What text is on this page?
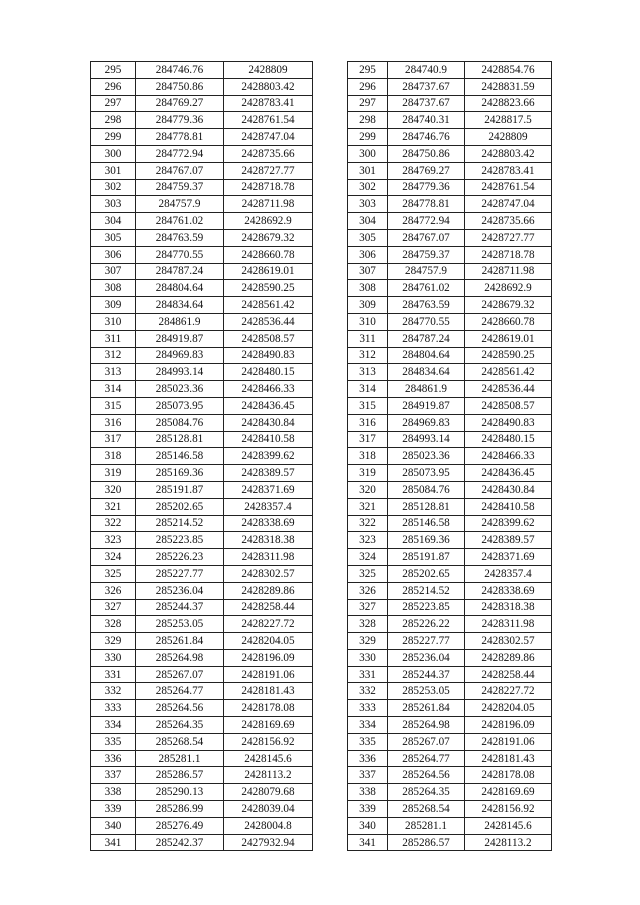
295	284746.76	2428809
296	284750.86	2428803.42
297	284769.27	2428783.41
298	284779.36	2428761.54
299	284778.81	2428747.04
300	284772.94	2428735.66
301	284767.07	2428727.77
302	284759.37	2428718.78
303	284757.9	2428711.98
304	284761.02	2428692.9
305	284763.59	2428679.32
306	284770.55	2428660.78
307	284787.24	2428619.01
308	284804.64	2428590.25
309	284834.64	2428561.42
310	284861.9	2428536.44
311	284919.87	2428508.57
312	284969.83	2428490.83
313	284993.14	2428480.15
314	285023.36	2428466.33
315	285073.95	2428436.45
316	285084.76	2428430.84
317	285128.81	2428410.58
318	285146.58	2428399.62
319	285169.36	2428389.57
320	285191.87	2428371.69
321	285202.65	2428357.4
322	285214.52	2428338.69
323	285223.85	2428318.38
324	285226.23	2428311.98
325	285227.77	2428302.57
326	285236.04	2428289.86
327	285244.37	2428258.44
328	285253.05	2428227.72
329	285261.84	2428204.05
330	285264.98	2428196.09
331	285267.07	2428191.06
332	285264.77	2428181.43
333	285264.56	2428178.08
334	285264.35	2428169.69
335	285268.54	2428156.92
336	285281.1	2428145.6
337	285286.57	2428113.2
338	285290.13	2428079.68
339	285286.99	2428039.04
340	285276.49	2428004.8
341	285242.37	2427932.94
295	284740.9	2428854.76
296	284737.67	2428831.59
297	284737.67	2428823.66
298	284740.31	2428817.5
299	284746.76	2428809
300	284750.86	2428803.42
301	284769.27	2428783.41
302	284779.36	2428761.54
303	284778.81	2428747.04
304	284772.94	2428735.66
305	284767.07	2428727.77
306	284759.37	2428718.78
307	284757.9	2428711.98
308	284761.02	2428692.9
309	284763.59	2428679.32
310	284770.55	2428660.78
311	284787.24	2428619.01
312	284804.64	2428590.25
313	284834.64	2428561.42
314	284861.9	2428536.44
315	284919.87	2428508.57
316	284969.83	2428490.83
317	284993.14	2428480.15
318	285023.36	2428466.33
319	285073.95	2428436.45
320	285084.76	2428430.84
321	285128.81	2428410.58
322	285146.58	2428399.62
323	285169.36	2428389.57
324	285191.87	2428371.69
325	285202.65	2428357.4
326	285214.52	2428338.69
327	285223.85	2428318.38
328	285226.22	2428311.98
329	285227.77	2428302.57
330	285236.04	2428289.86
331	285244.37	2428258.44
332	285253.05	2428227.72
333	285261.84	2428204.05
334	285264.98	2428196.09
335	285267.07	2428191.06
336	285264.77	2428181.43
337	285264.56	2428178.08
338	285264.35	2428169.69
339	285268.54	2428156.92
340	285281.1	2428145.6
341	285286.57	2428113.2
